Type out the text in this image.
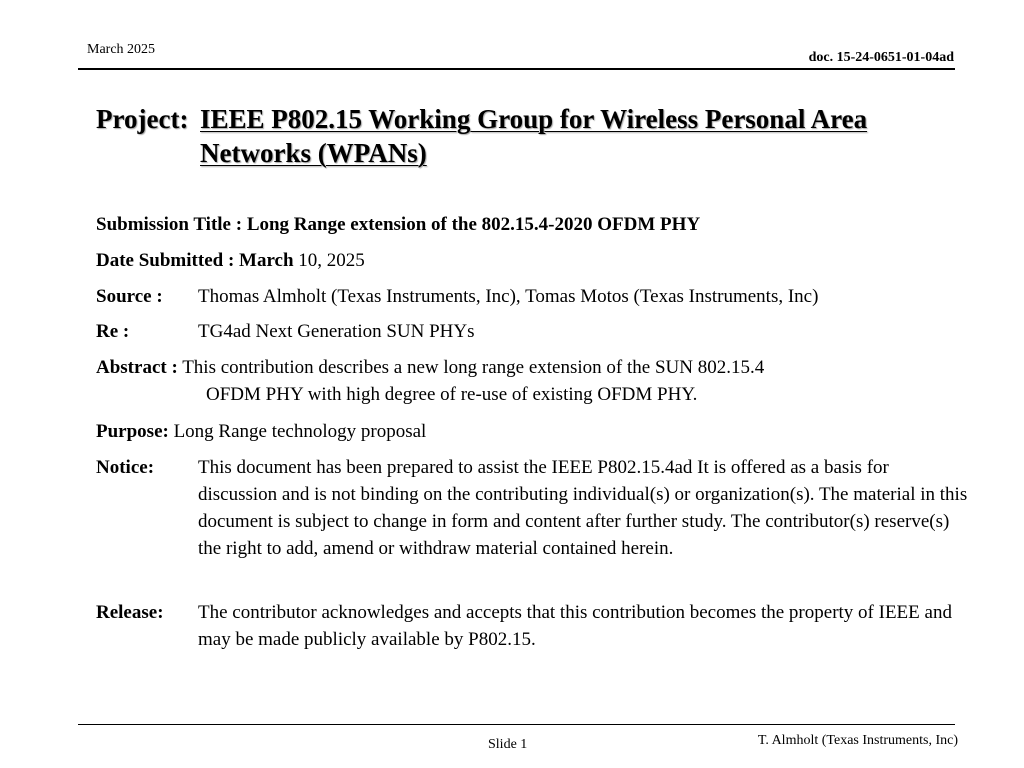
March 2025
doc. 15-24-0651-01-04ad
Project: IEEE P802.15 Working Group for Wireless Personal Area Networks (WPANs)
Submission Title : Long Range extension of the 802.15.4-2020 OFDM PHY
Date Submitted : March 10, 2025
Source : Thomas Almholt (Texas Instruments, Inc), Tomas Motos (Texas Instruments, Inc)
Re :	TG4ad Next Generation SUN PHYs
Abstract : This contribution describes a new long range extension of the SUN 802.15.4
OFDM PHY with high degree of re-use of existing OFDM PHY.
Purpose: Long Range technology proposal
Notice: This document has been prepared to assist the IEEE P802.15.4ad It is offered as a basis for discussion and is not binding on the contributing individual(s) or organization(s). The material in this document is subject to change in form and content after further study. The contributor(s) reserve(s) the right to add, amend or withdraw material contained herein.
Release: The contributor acknowledges and accepts that this contribution becomes the property of IEEE and may be made publicly available by P802.15.
Slide 1	T. Almholt (Texas Instruments, Inc)
